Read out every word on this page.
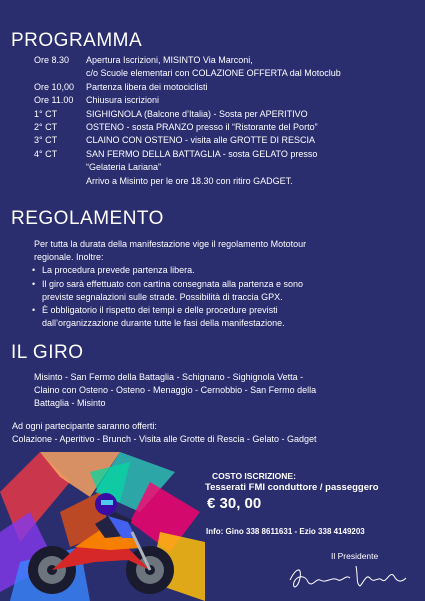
PROGRAMMA
Ore 8.30	Apertura Iscrizioni, MISINTO Via Marconi,
c/o Scuole elementari con COLAZIONE OFFERTA dal Motoclub
Ore 10,00	Partenza libera dei motociclisti
Ore 11.00	Chiusura iscrizioni
1° CT	SIGHIGNOLA (Balcone d’Italia) - Sosta per APERITIVO
2° CT	OSTENO - sosta PRANZO presso il “Ristorante del Porto”
3° CT	CLAINO CON OSTENO - visita alle GROTTE DI RESCIA
4° CT	SAN FERMO DELLA BATTAGLIA - sosta GELATO presso
“Gelateria Lariana”
Arrivo a Misinto per le ore 18.30 con ritiro GADGET.
REGOLAMENTO
Per tutta la durata della manifestazione vige il regolamento Mototour
regionale. Inoltre:
• La procedura prevede partenza libera.
• Il giro sarà effettuato con cartina consegnata alla partenza e sono
previste segnalazioni sulle strade. Possibilità di traccia GPX.
• È obbligatorio il rispetto dei tempi e delle procedure previsti
dall’organizzazione durante tutte le fasi della manifestazione.
IL GIRO
Misinto - San Fermo della Battaglia - Schignano - Sighignola Vetta -
Claino con Osteno - Osteno - Menaggio - Cernobbio - San Fermo della
Battaglia - Misinto
Ad ogni partecipante saranno offerti:
Colazione - Aperitivo - Brunch - Visita alle Grotte di Rescia - Gelato - Gadget
COSTO ISCRIZIONE:
Tesserati FMI conduttore / passeggero
€ 30, 00
Info: Gino 338 8611631 - Ezio 338 4149203
Il Presidente
